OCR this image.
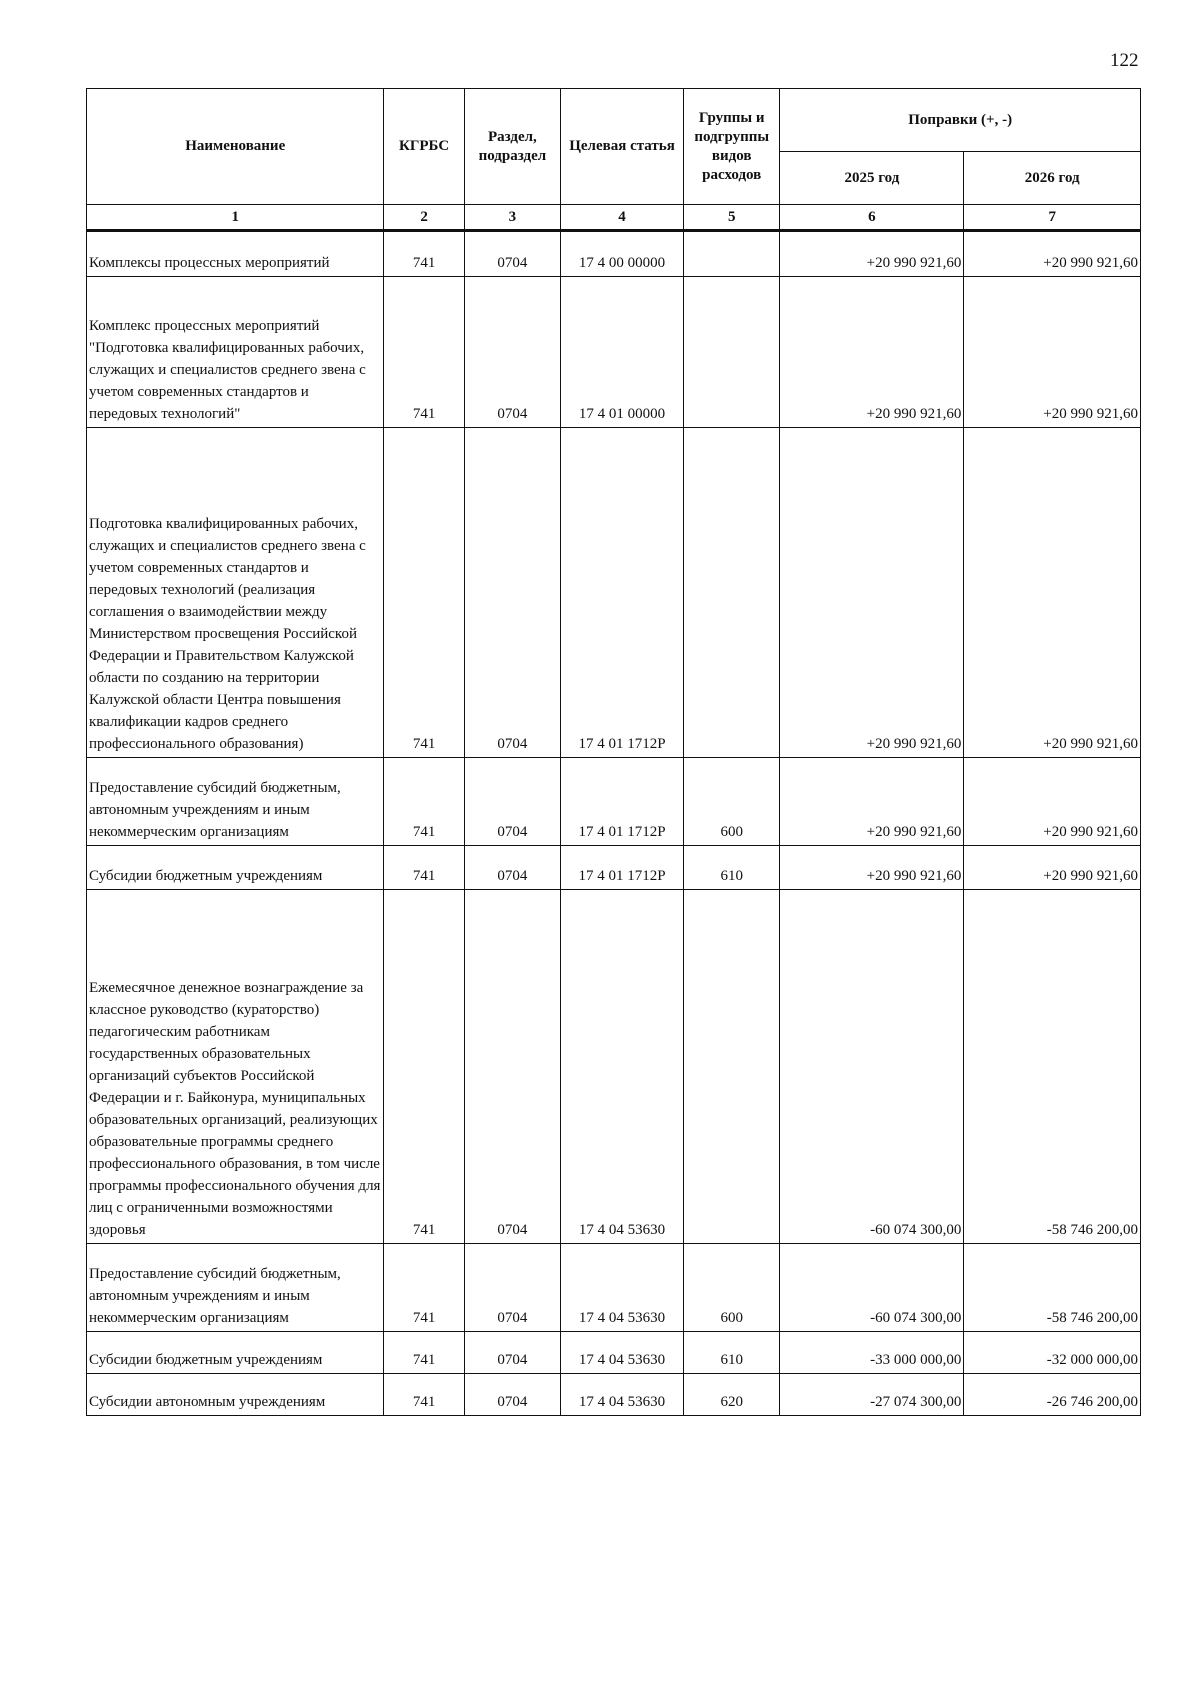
122
Наименование	КГРБС	Раздел, подраздел	Целевая статья	Группы и подгруппы видов расходов	Поправки (+, -)	
					2025 год	2026 год
1	2	3	4	5	6	7
Комплексы процессных мероприятий	741	0704	17 4 00 00000		+20 990 921,60	+20 990 921,60
Комплекс процессных мероприятий "Подготовка квалифицированных рабочих, служащих и специалистов среднего звена с учетом современных стандартов и передовых технологий"	741	0704	17 4 01 00000		+20 990 921,60	+20 990 921,60
Подготовка квалифицированных рабочих, служащих и специалистов среднего звена с учетом современных стандартов и передовых технологий (реализация соглашения о взаимодействии между Министерством просвещения Российской Федерации и Правительством Калужской области по созданию на территории Калужской области Центра повышения квалификации кадров среднего профессионального образования)	741	0704	17 4 01 1712Р		+20 990 921,60	+20 990 921,60
Предоставление субсидий бюджетным, автономным учреждениям и иным некоммерческим организациям	741	0704	17 4 01 1712Р	600	+20 990 921,60	+20 990 921,60
Субсидии бюджетным учреждениям	741	0704	17 4 01 1712Р	610	+20 990 921,60	+20 990 921,60
Ежемесячное денежное вознаграждение за классное руководство (кураторство) педагогическим работникам государственных образовательных организаций субъектов Российской Федерации и г. Байконура, муниципальных образовательных организаций, реализующих образовательные программы среднего профессионального образования, в том числе программы профессионального обучения для лиц с ограниченными возможностями здоровья	741	0704	17 4 04 53630		-60 074 300,00	-58 746 200,00
Предоставление субсидий бюджетным, автономным учреждениям и иным некоммерческим организациям	741	0704	17 4 04 53630	600	-60 074 300,00	-58 746 200,00
Субсидии бюджетным учреждениям	741	0704	17 4 04 53630	610	-33 000 000,00	-32 000 000,00
Субсидии автономным учреждениям	741	0704	17 4 04 53630	620	-27 074 300,00	-26 746 200,00
